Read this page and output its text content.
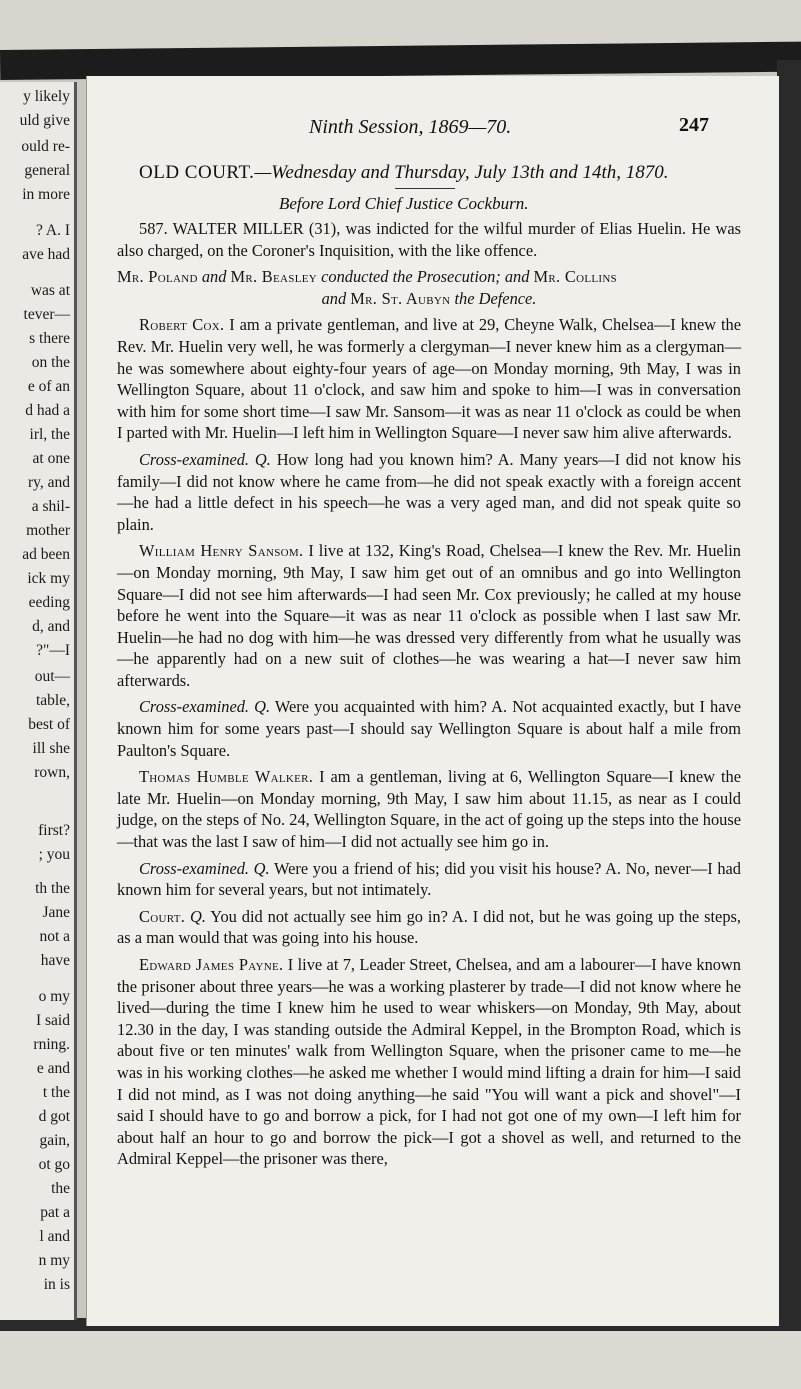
y likely
uld give
ould re-
general
in more
? A. I
ave had
was at
tever—
s there
on the
e of an
d had a
irl, the
at one
ry, and
a shil-
mother
ad been
ick my
eeding
d, and
?"—I
out—
table,
best of
ill she
rown,
first?
; you
th the
Jane
not a
have
o my
I said
rning.
e and
t the
d got
gain,
ot go
the
pat a
l and
n my
in is
Ninth Session, 1869—70.	247
OLD COURT.—Wednesday and Thursday, July 13th and 14th, 1870.
Before Lord Chief Justice Cockburn.

587. WALTER MILLER (31), was indicted for the wilful murder of Elias Huelin. He was also charged, on the Coroner's Inquisition, with the like offence.

Mr. Poland and Mr. Beasley conducted the Prosecution; and Mr. Collins

and Mr. St. Aubyn the Defence.

Robert Cox. I am a private gentleman, and live at 29, Cheyne Walk, Chelsea—I knew the Rev. Mr. Huelin very well, he was formerly a clergyman—I never knew him as a clergyman—he was somewhere about eighty-four years of age—on Monday morning, 9th May, I was in Wellington Square, about 11 o'clock, and saw him and spoke to him—I was in conversation with him for some short time—I saw Mr. Sansom—it was as near 11 o'clock as could be when I parted with Mr. Huelin—I left him in Wellington Square—I never saw him alive afterwards.

Cross-examined. Q. How long had you known him? A. Many years—I did not know his family—I did not know where he came from—he did not speak exactly with a foreign accent—he had a little defect in his speech—he was a very aged man, and did not speak quite so plain.

William Henry Sansom. I live at 132, King's Road, Chelsea—I knew the Rev. Mr. Huelin—on Monday morning, 9th May, I saw him get out of an omnibus and go into Wellington Square—I did not see him afterwards—I had seen Mr. Cox previously; he called at my house before he went into the Square—it was as near 11 o'clock as possible when I last saw Mr. Huelin—he had no dog with him—he was dressed very differently from what he usually was—he apparently had on a new suit of clothes—he was wearing a hat—I never saw him afterwards.

Cross-examined. Q. Were you acquainted with him? A. Not acquainted exactly, but I have known him for some years past—I should say Wellington Square is about half a mile from Paulton's Square.

Thomas Humble Walker. I am a gentleman, living at 6, Wellington Square—I knew the late Mr. Huelin—on Monday morning, 9th May, I saw him about 11.15, as near as I could judge, on the steps of No. 24, Wellington Square, in the act of going up the steps into the house—that was the last I saw of him—I did not actually see him go in.

Cross-examined. Q. Were you a friend of his; did you visit his house? A. No, never—I had known him for several years, but not intimately.

Court. Q. You did not actually see him go in? A. I did not, but he was going up the steps, as a man would that was going into his house.

Edward James Payne. I live at 7, Leader Street, Chelsea, and am a labourer—I have known the prisoner about three years—he was a working plasterer by trade—I did not know where he lived—during the time I knew him he used to wear whiskers—on Monday, 9th May, about 12.30 in the day, I was standing outside the Admiral Keppel, in the Brompton Road, which is about five or ten minutes' walk from Wellington Square, when the prisoner came to me—he was in his working clothes—he asked me whether I would mind lifting a drain for him—I said I did not mind, as I was not doing anything—he said "You will want a pick and shovel"—I said I should have to go and borrow a pick, for I had not got one of my own—I left him for about half an hour to go and borrow the pick—I got a shovel as well, and returned to the Admiral Keppel—the prisoner was there,
